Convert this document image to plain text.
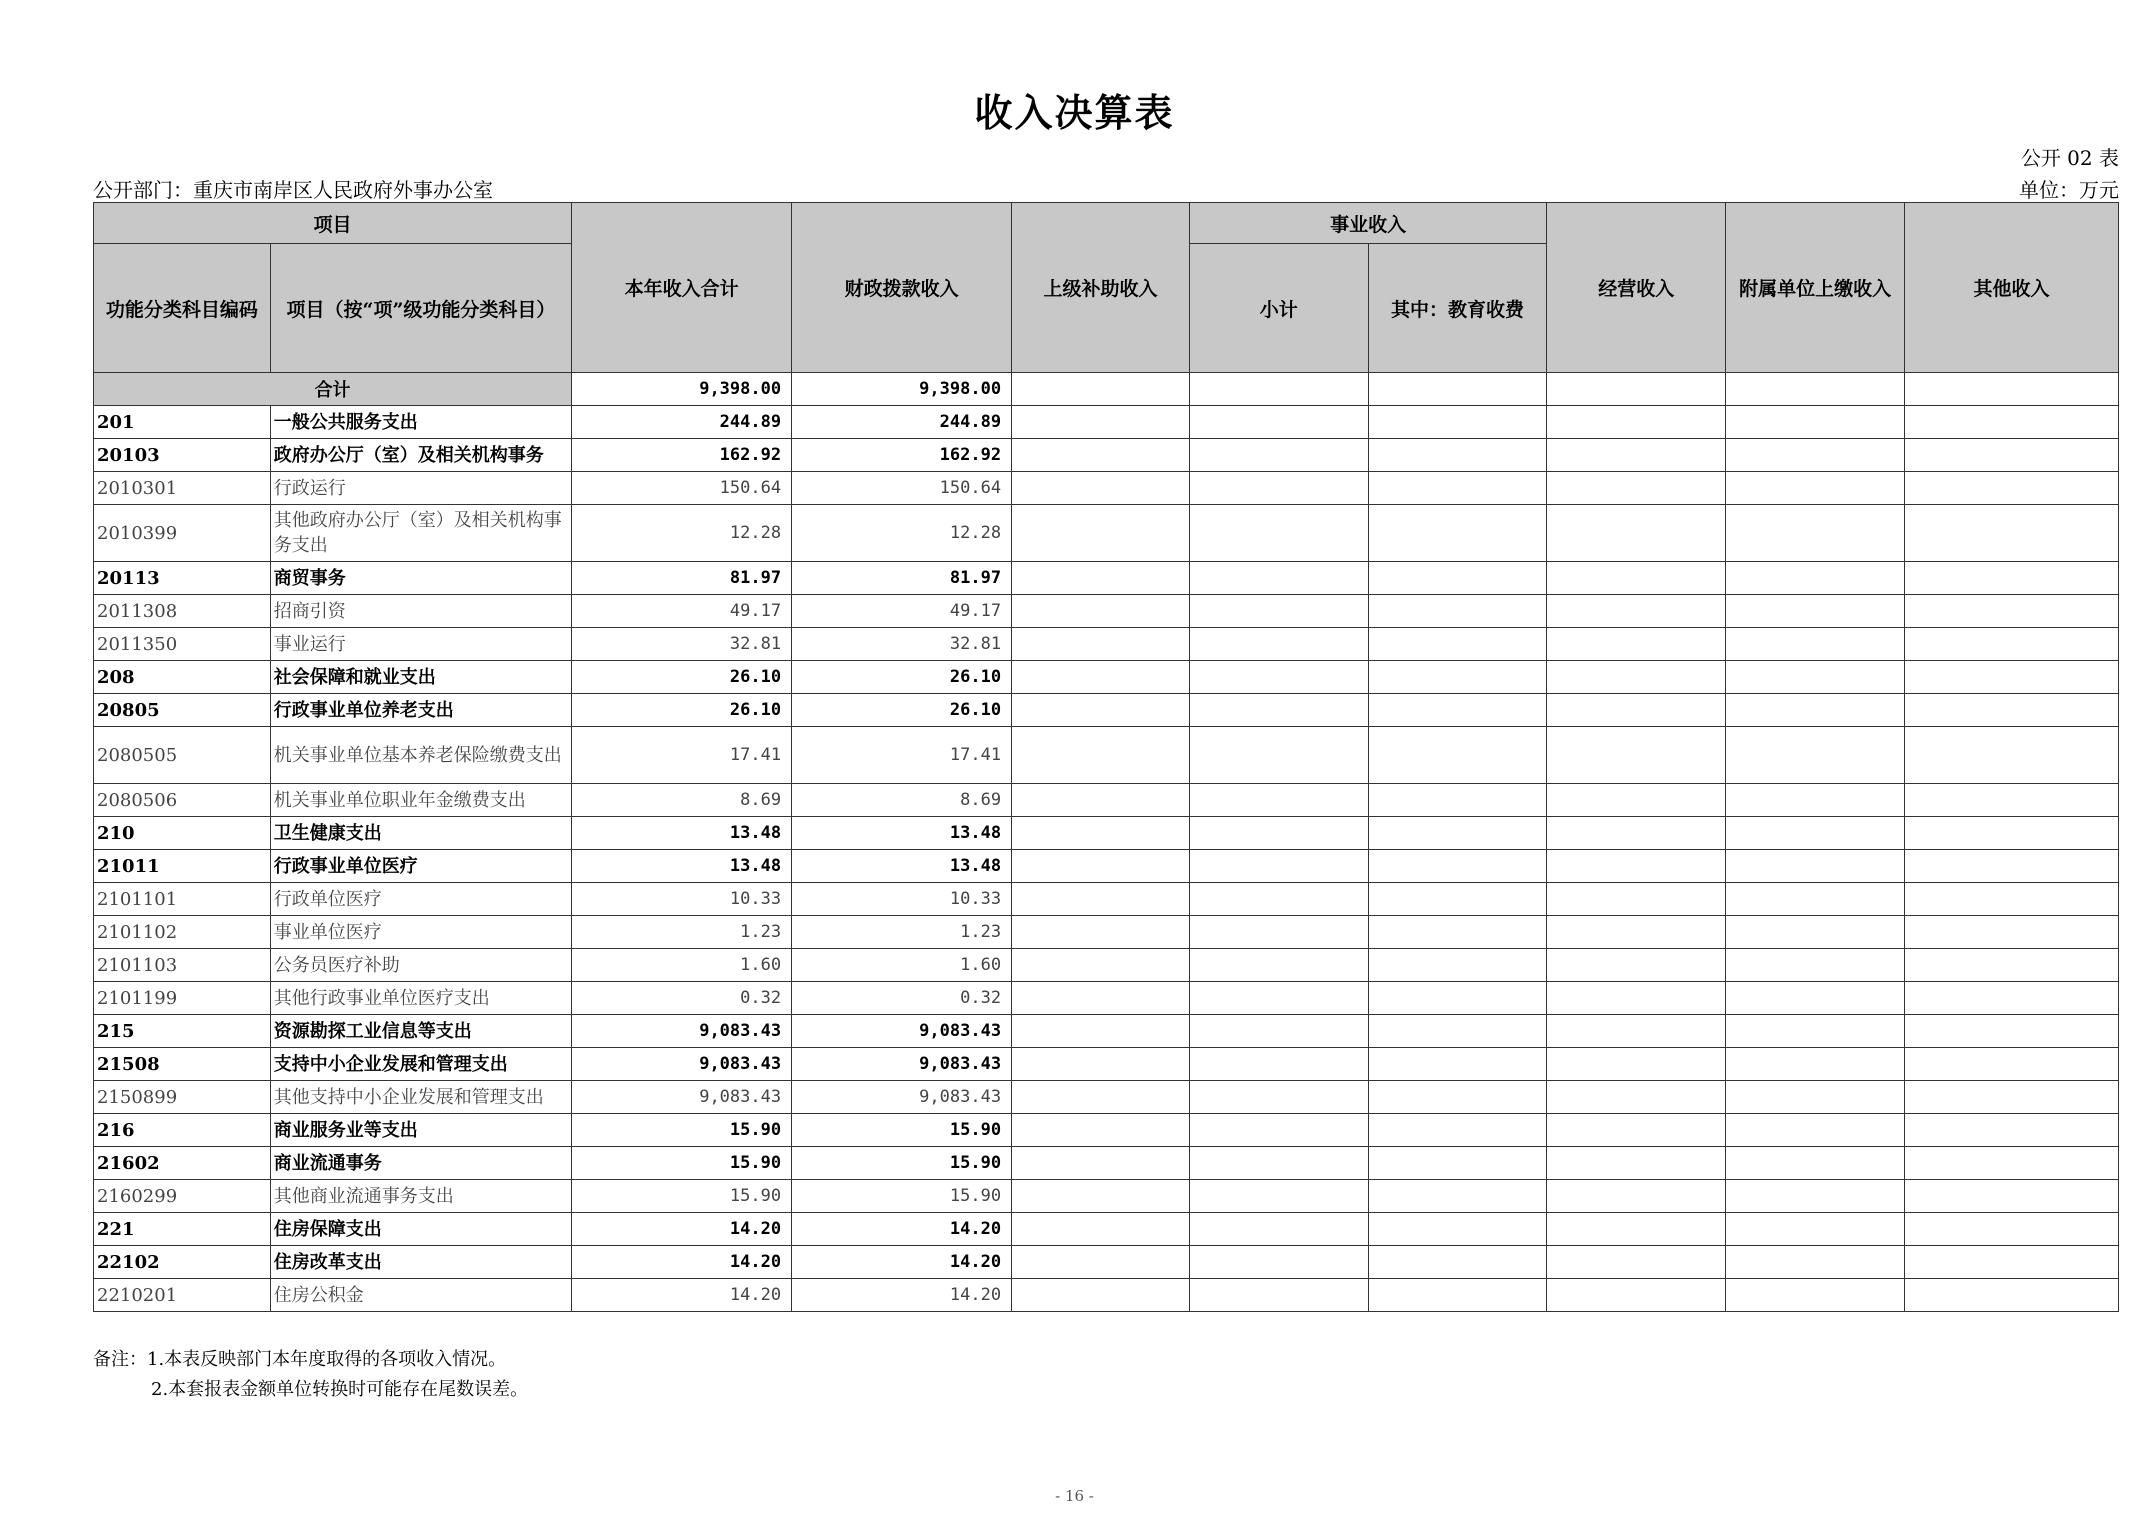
收入决算表
公开 02 表
公开部门：重庆市南岸区人民政府外事办公室	单位：万元
项目		本年收入合计	财政拨款收入	上级补助收入	事业收入		经营收入	附属单位上缴收入	其他收入
功能分类科目编码	项目（按“项”级功能分类科目）				小计	其中：教育收费			
合计		9,398.00	9,398.00						
201	一般公共服务支出	244.89	244.89						
20103	政府办公厅（室）及相关机构事务	162.92	162.92						
2010301	行政运行	150.64	150.64						
2010399	其他政府办公厅（室）及相关机构事务支出	12.28	12.28						
20113	商贸事务	81.97	81.97						
2011308	招商引资	49.17	49.17						
2011350	事业运行	32.81	32.81						
208	社会保障和就业支出	26.10	26.10						
20805	行政事业单位养老支出	26.10	26.10						
2080505	机关事业单位基本养老保险缴费支出	17.41	17.41						
2080506	机关事业单位职业年金缴费支出	8.69	8.69						
210	卫生健康支出	13.48	13.48						
21011	行政事业单位医疗	13.48	13.48						
2101101	行政单位医疗	10.33	10.33						
2101102	事业单位医疗	1.23	1.23						
2101103	公务员医疗补助	1.60	1.60						
2101199	其他行政事业单位医疗支出	0.32	0.32						
215	资源勘探工业信息等支出	9,083.43	9,083.43						
21508	支持中小企业发展和管理支出	9,083.43	9,083.43						
2150899	其他支持中小企业发展和管理支出	9,083.43	9,083.43						
216	商业服务业等支出	15.90	15.90						
21602	商业流通事务	15.90	15.90						
2160299	其他商业流通事务支出	15.90	15.90						
221	住房保障支出	14.20	14.20						
22102	住房改革支出	14.20	14.20						
2210201	住房公积金	14.20	14.20						
备注：1.本表反映部门本年度取得的各项收入情况。
2.本套报表金额单位转换时可能存在尾数误差。
- 16 -
